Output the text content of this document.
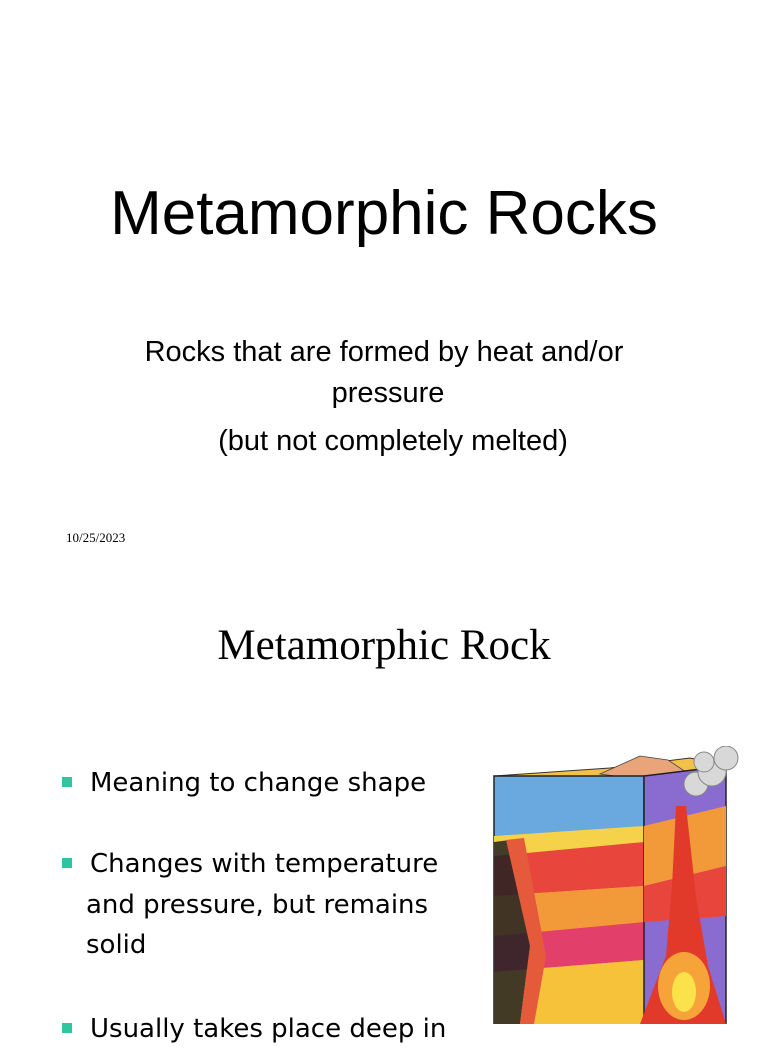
Metamorphic Rocks
Rocks that are formed by heat and/or
pressure
(but not completely melted)
10/25/2023
Metamorphic Rock
Meaning to change shape
Changes with temperature
and pressure, but remains
solid
Usually takes place deep in
